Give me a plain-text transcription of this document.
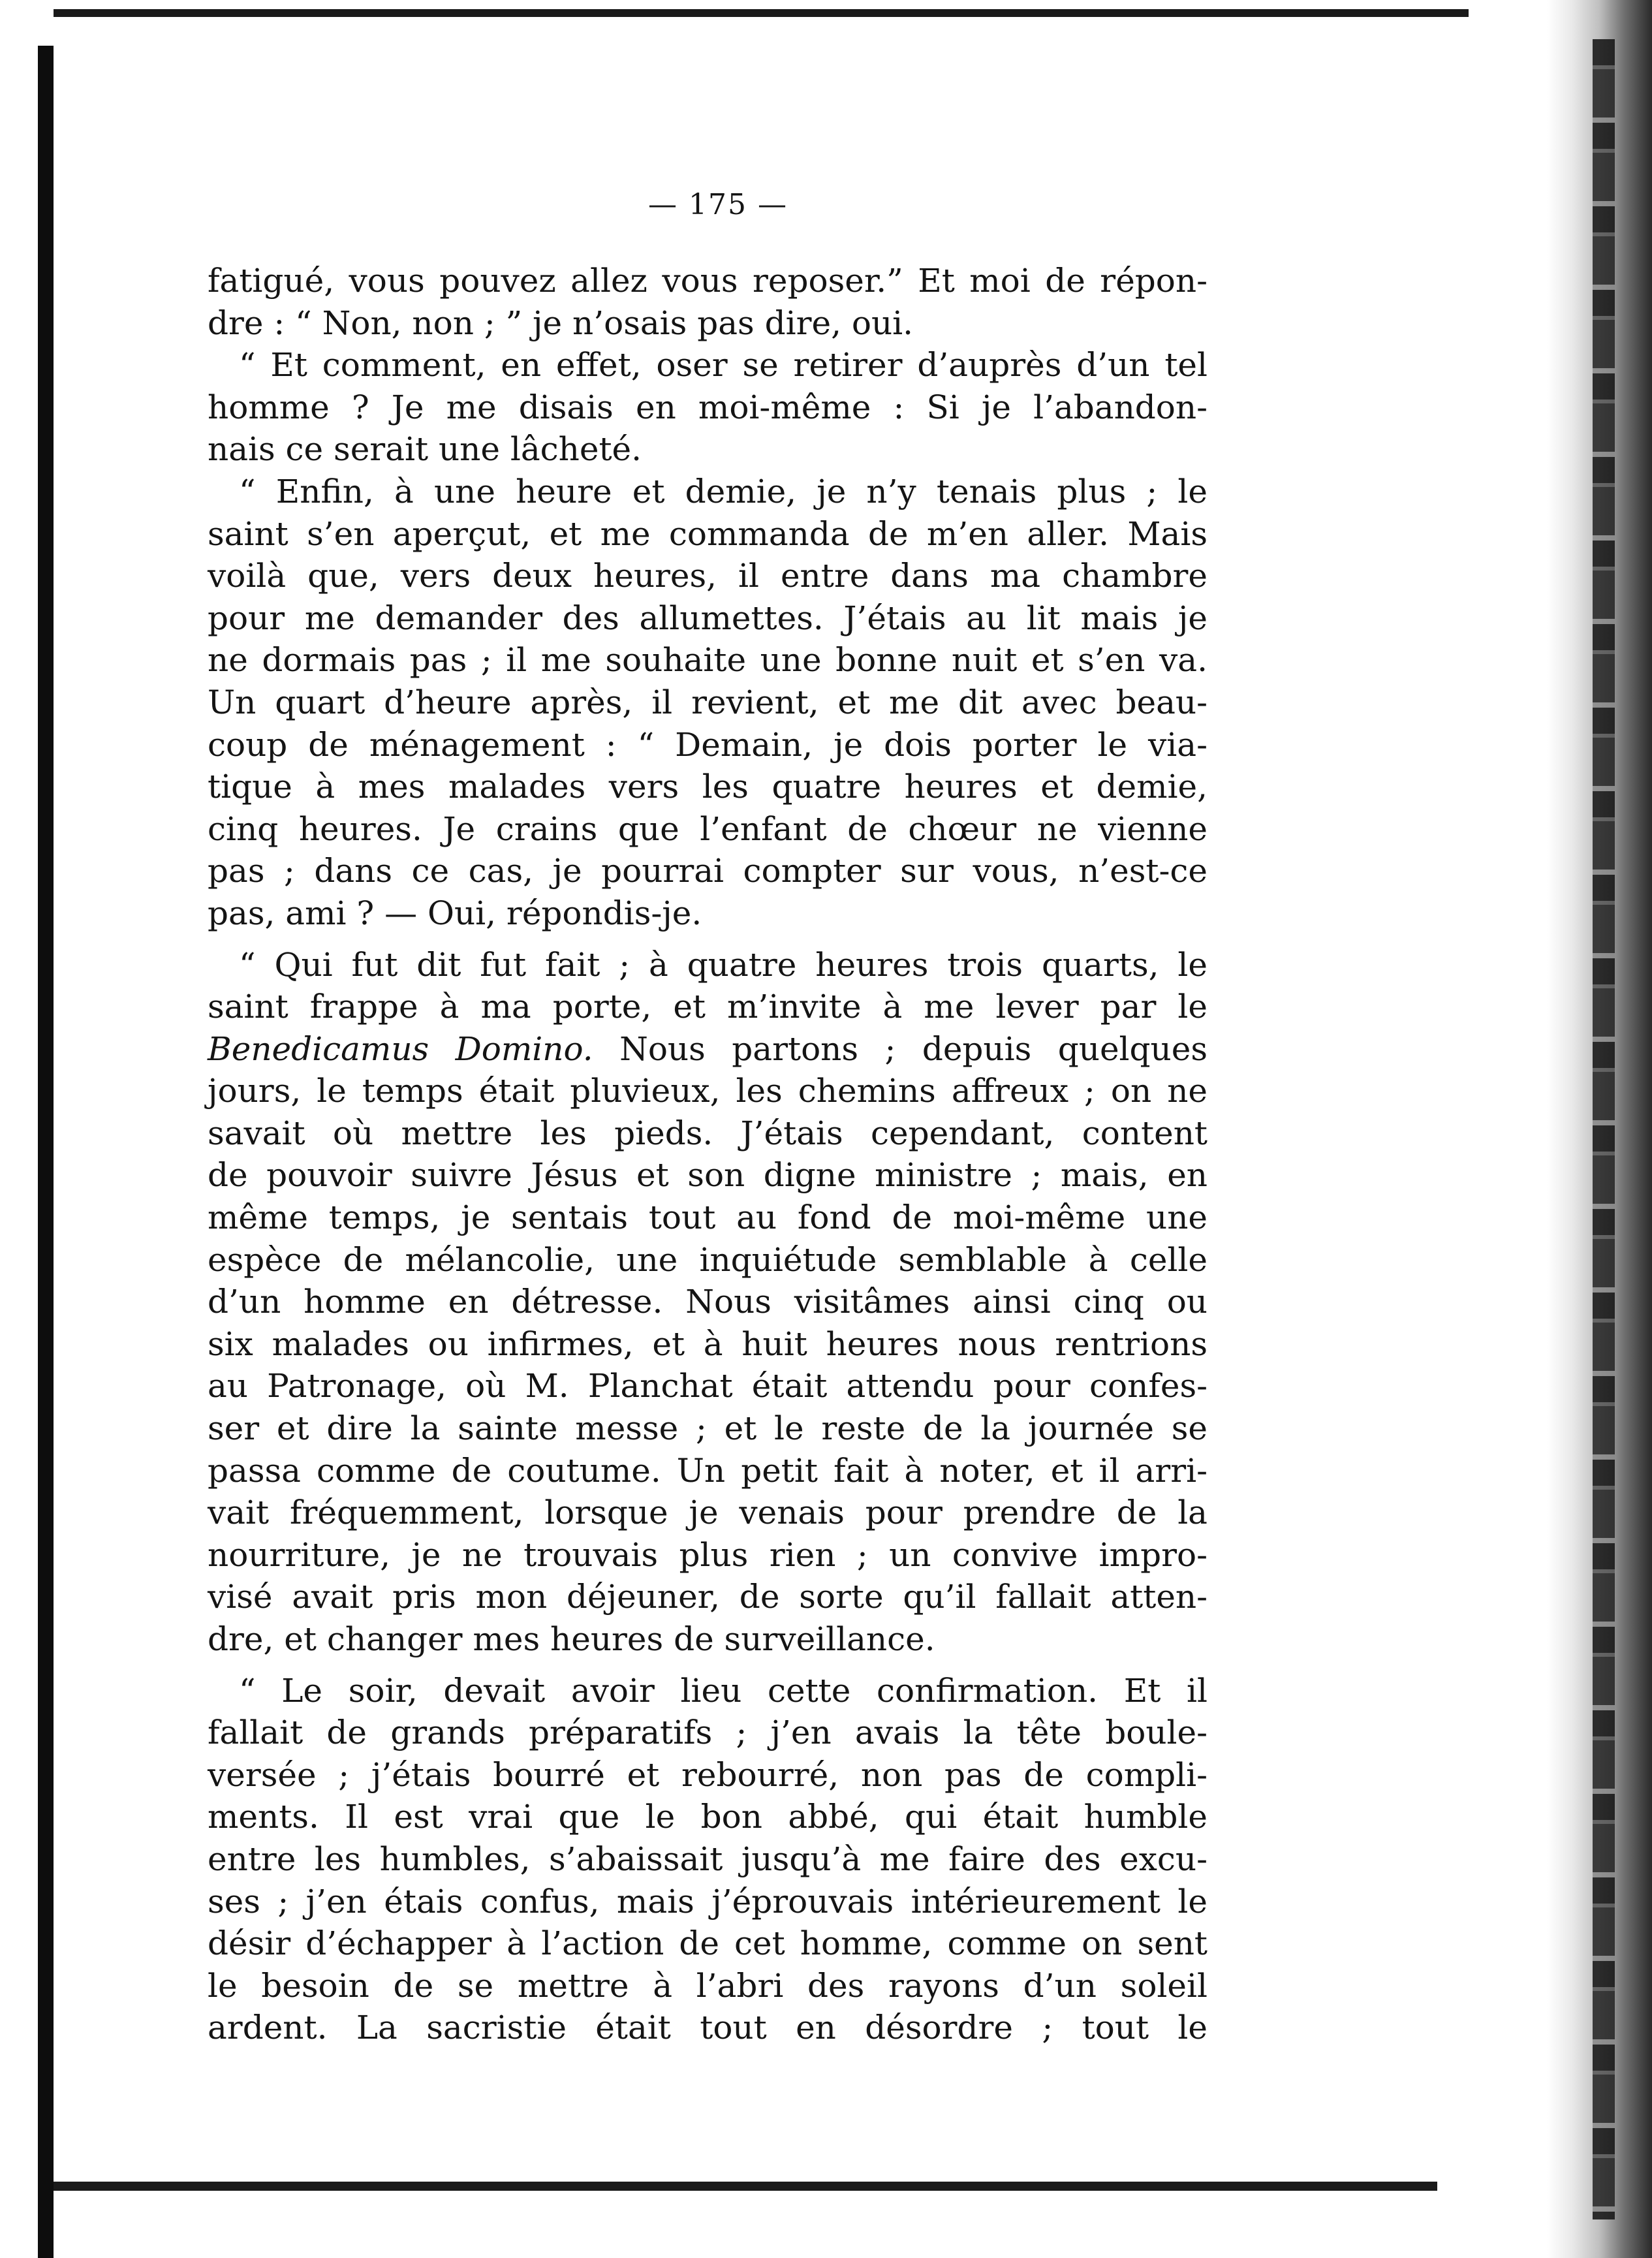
— 175 —
fatigué, vous pouvez allez vous reposer.” Et moi de répon-
dre : “ Non, non ; ” je n’osais pas dire, oui.
“ Et comment, en effet, oser se retirer d’auprès d’un tel
homme ? Je me disais en moi-même : Si je l’abandon-
nais ce serait une lâcheté.
“ Enfin, à une heure et demie, je n’y tenais plus ; le
saint s’en aperçut, et me commanda de m’en aller. Mais
voilà que, vers deux heures, il entre dans ma chambre
pour me demander des allumettes. J’étais au lit mais je
ne dormais pas ; il me souhaite une bonne nuit et s’en va.
Un quart d’heure après, il revient, et me dit avec beau-
coup de ménagement : “ Demain, je dois porter le via-
tique à mes malades vers les quatre heures et demie,
cinq heures. Je crains que l’enfant de chœur ne vienne
pas ; dans ce cas, je pourrai compter sur vous, n’est-ce
pas, ami ? — Oui, répondis-je.
“ Qui fut dit fut fait ; à quatre heures trois quarts, le
saint frappe à ma porte, et m’invite à me lever par le
Benedicamus Domino. Nous partons ; depuis quelques
jours, le temps était pluvieux, les chemins affreux ; on ne
savait où mettre les pieds. J’étais cependant, content
de pouvoir suivre Jésus et son digne ministre ; mais, en
même temps, je sentais tout au fond de moi-même une
espèce de mélancolie, une inquiétude semblable à celle
d’un homme en détresse. Nous visitâmes ainsi cinq ou
six malades ou infirmes, et à huit heures nous rentrions
au Patronage, où M. Planchat était attendu pour confes-
ser et dire la sainte messe ; et le reste de la journée se
passa comme de coutume. Un petit fait à noter, et il arri-
vait fréquemment, lorsque je venais pour prendre de la
nourriture, je ne trouvais plus rien ; un convive impro-
visé avait pris mon déjeuner, de sorte qu’il fallait atten-
dre, et changer mes heures de surveillance.
“ Le soir, devait avoir lieu cette confirmation. Et il
fallait de grands préparatifs ; j’en avais la tête boule-
versée ; j’étais bourré et rebourré, non pas de compli-
ments. Il est vrai que le bon abbé, qui était humble
entre les humbles, s’abaissait jusqu’à me faire des excu-
ses ; j’en étais confus, mais j’éprouvais intérieurement le
désir d’échapper à l’action de cet homme, comme on sent
le besoin de se mettre à l’abri des rayons d’un soleil
ardent. La sacristie était tout en désordre ; tout le
